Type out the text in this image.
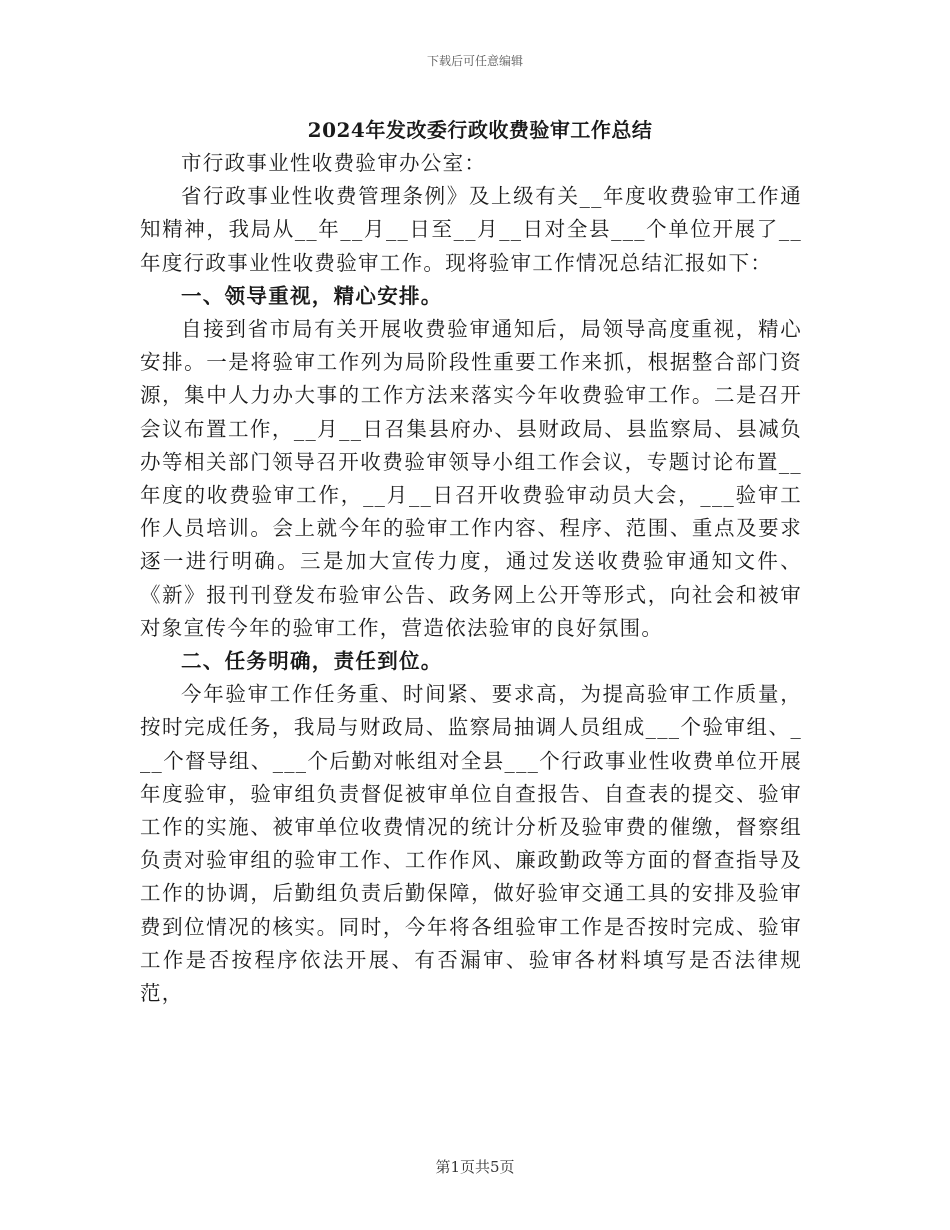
下载后可任意编辑
2024年发改委行政收费验审工作总结

市行政事业性收费验审办公室：

省行政事业性收费管理条例》及上级有关__年度收费验审工作通知精神，我局从__年__月__日至__月__日对全县___个单位开展了__年度行政事业性收费验审工作。现将验审工作情况总结汇报如下：

一、领导重视，精心安排。

自接到省市局有关开展收费验审通知后，局领导高度重视，精心安排。一是将验审工作列为局阶段性重要工作来抓，根据整合部门资源，集中人力办大事的工作方法来落实今年收费验审工作。二是召开会议布置工作，__月__日召集县府办、县财政局、县监察局、县减负办等相关部门领导召开收费验审领导小组工作会议，专题讨论布置__年度的收费验审工作，__月__日召开收费验审动员大会，___验审工作人员培训。会上就今年的验审工作内容、程序、范围、重点及要求逐一进行明确。三是加大宣传力度，通过发送收费验审通知文件、《新》报刊刊登发布验审公告、政务网上公开等形式，向社会和被审对象宣传今年的验审工作，营造依法验审的良好氛围。

二、任务明确，责任到位。

今年验审工作任务重、时间紧、要求高，为提高验审工作质量，按时完成任务，我局与财政局、监察局抽调人员组成___个验审组、___个督导组、___个后勤对帐组对全县___个行政事业性收费单位开展年度验审，验审组负责督促被审单位自查报告、自查表的提交、验审工作的实施、被审单位收费情况的统计分析及验审费的催缴，督察组负责对验审组的验审工作、工作作风、廉政勤政等方面的督查指导及工作的协调，后勤组负责后勤保障，做好验审交通工具的安排及验审费到位情况的核实。同时，今年将各组验审工作是否按时完成、验审工作是否按程序依法开展、有否漏审、验审各材料填写是否法律规范，

第1页共5页
